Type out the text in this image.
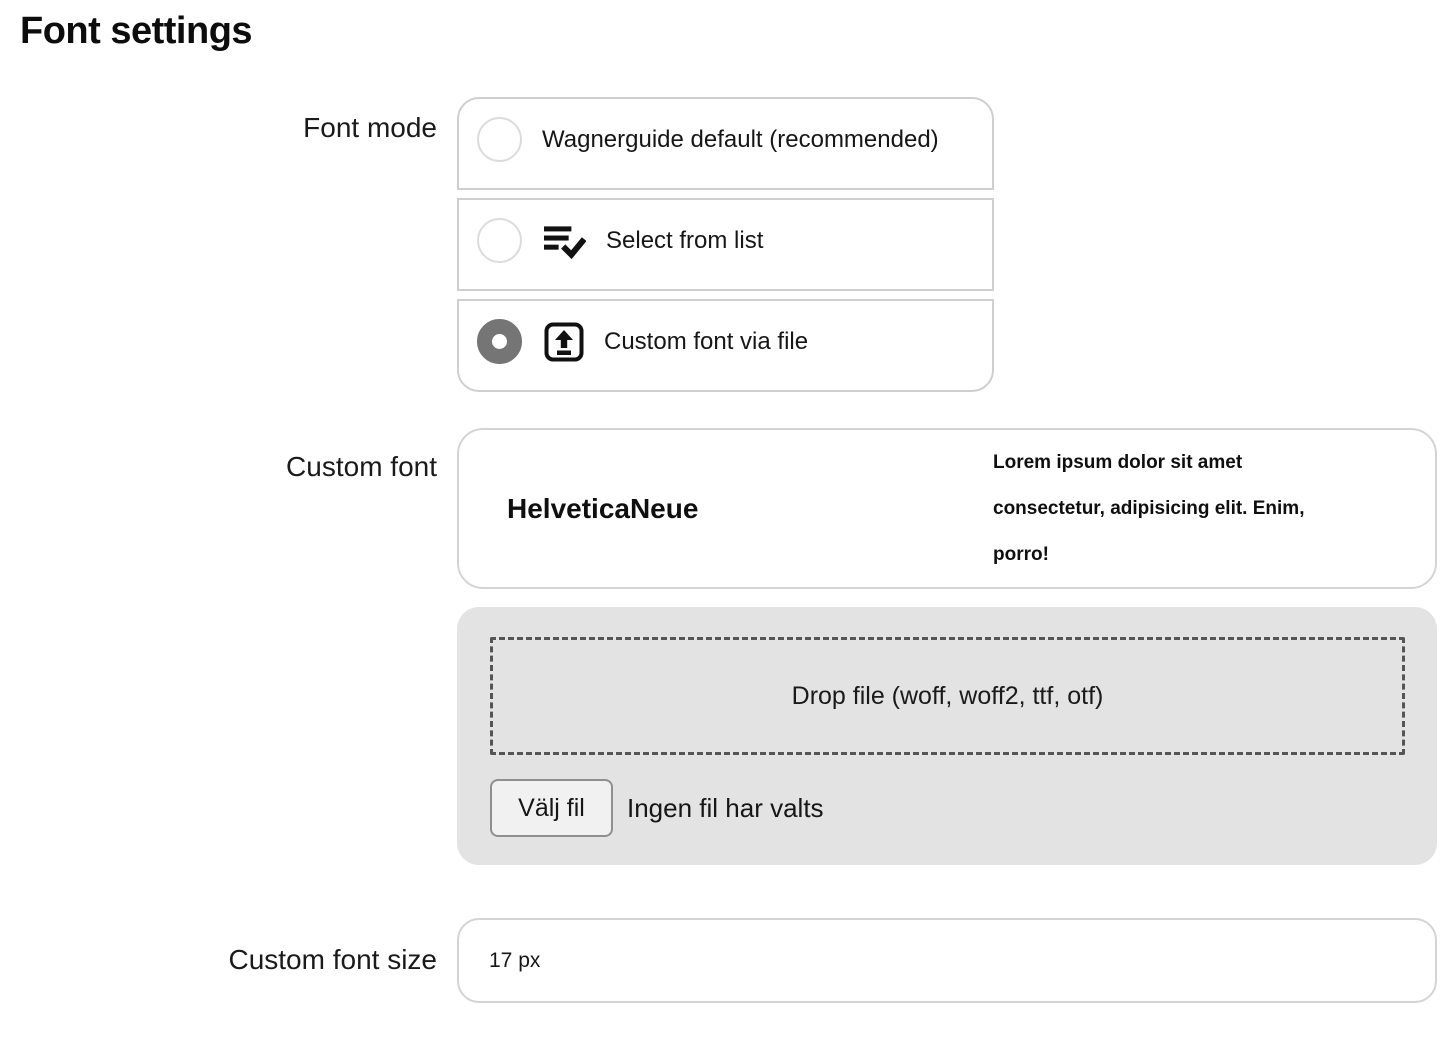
Font settings
Font mode	Wagnerguide default (recommended)
Select from list
Custom font via file
Custom font
HelveticaNeue
Lorem ipsum dolor sit amet
consectetur, adipisicing elit. Enim,
porro!
Drop file (woff, woff2, ttf, otf)
Välj fil	Ingen fil har valts
Custom font size
17 px
